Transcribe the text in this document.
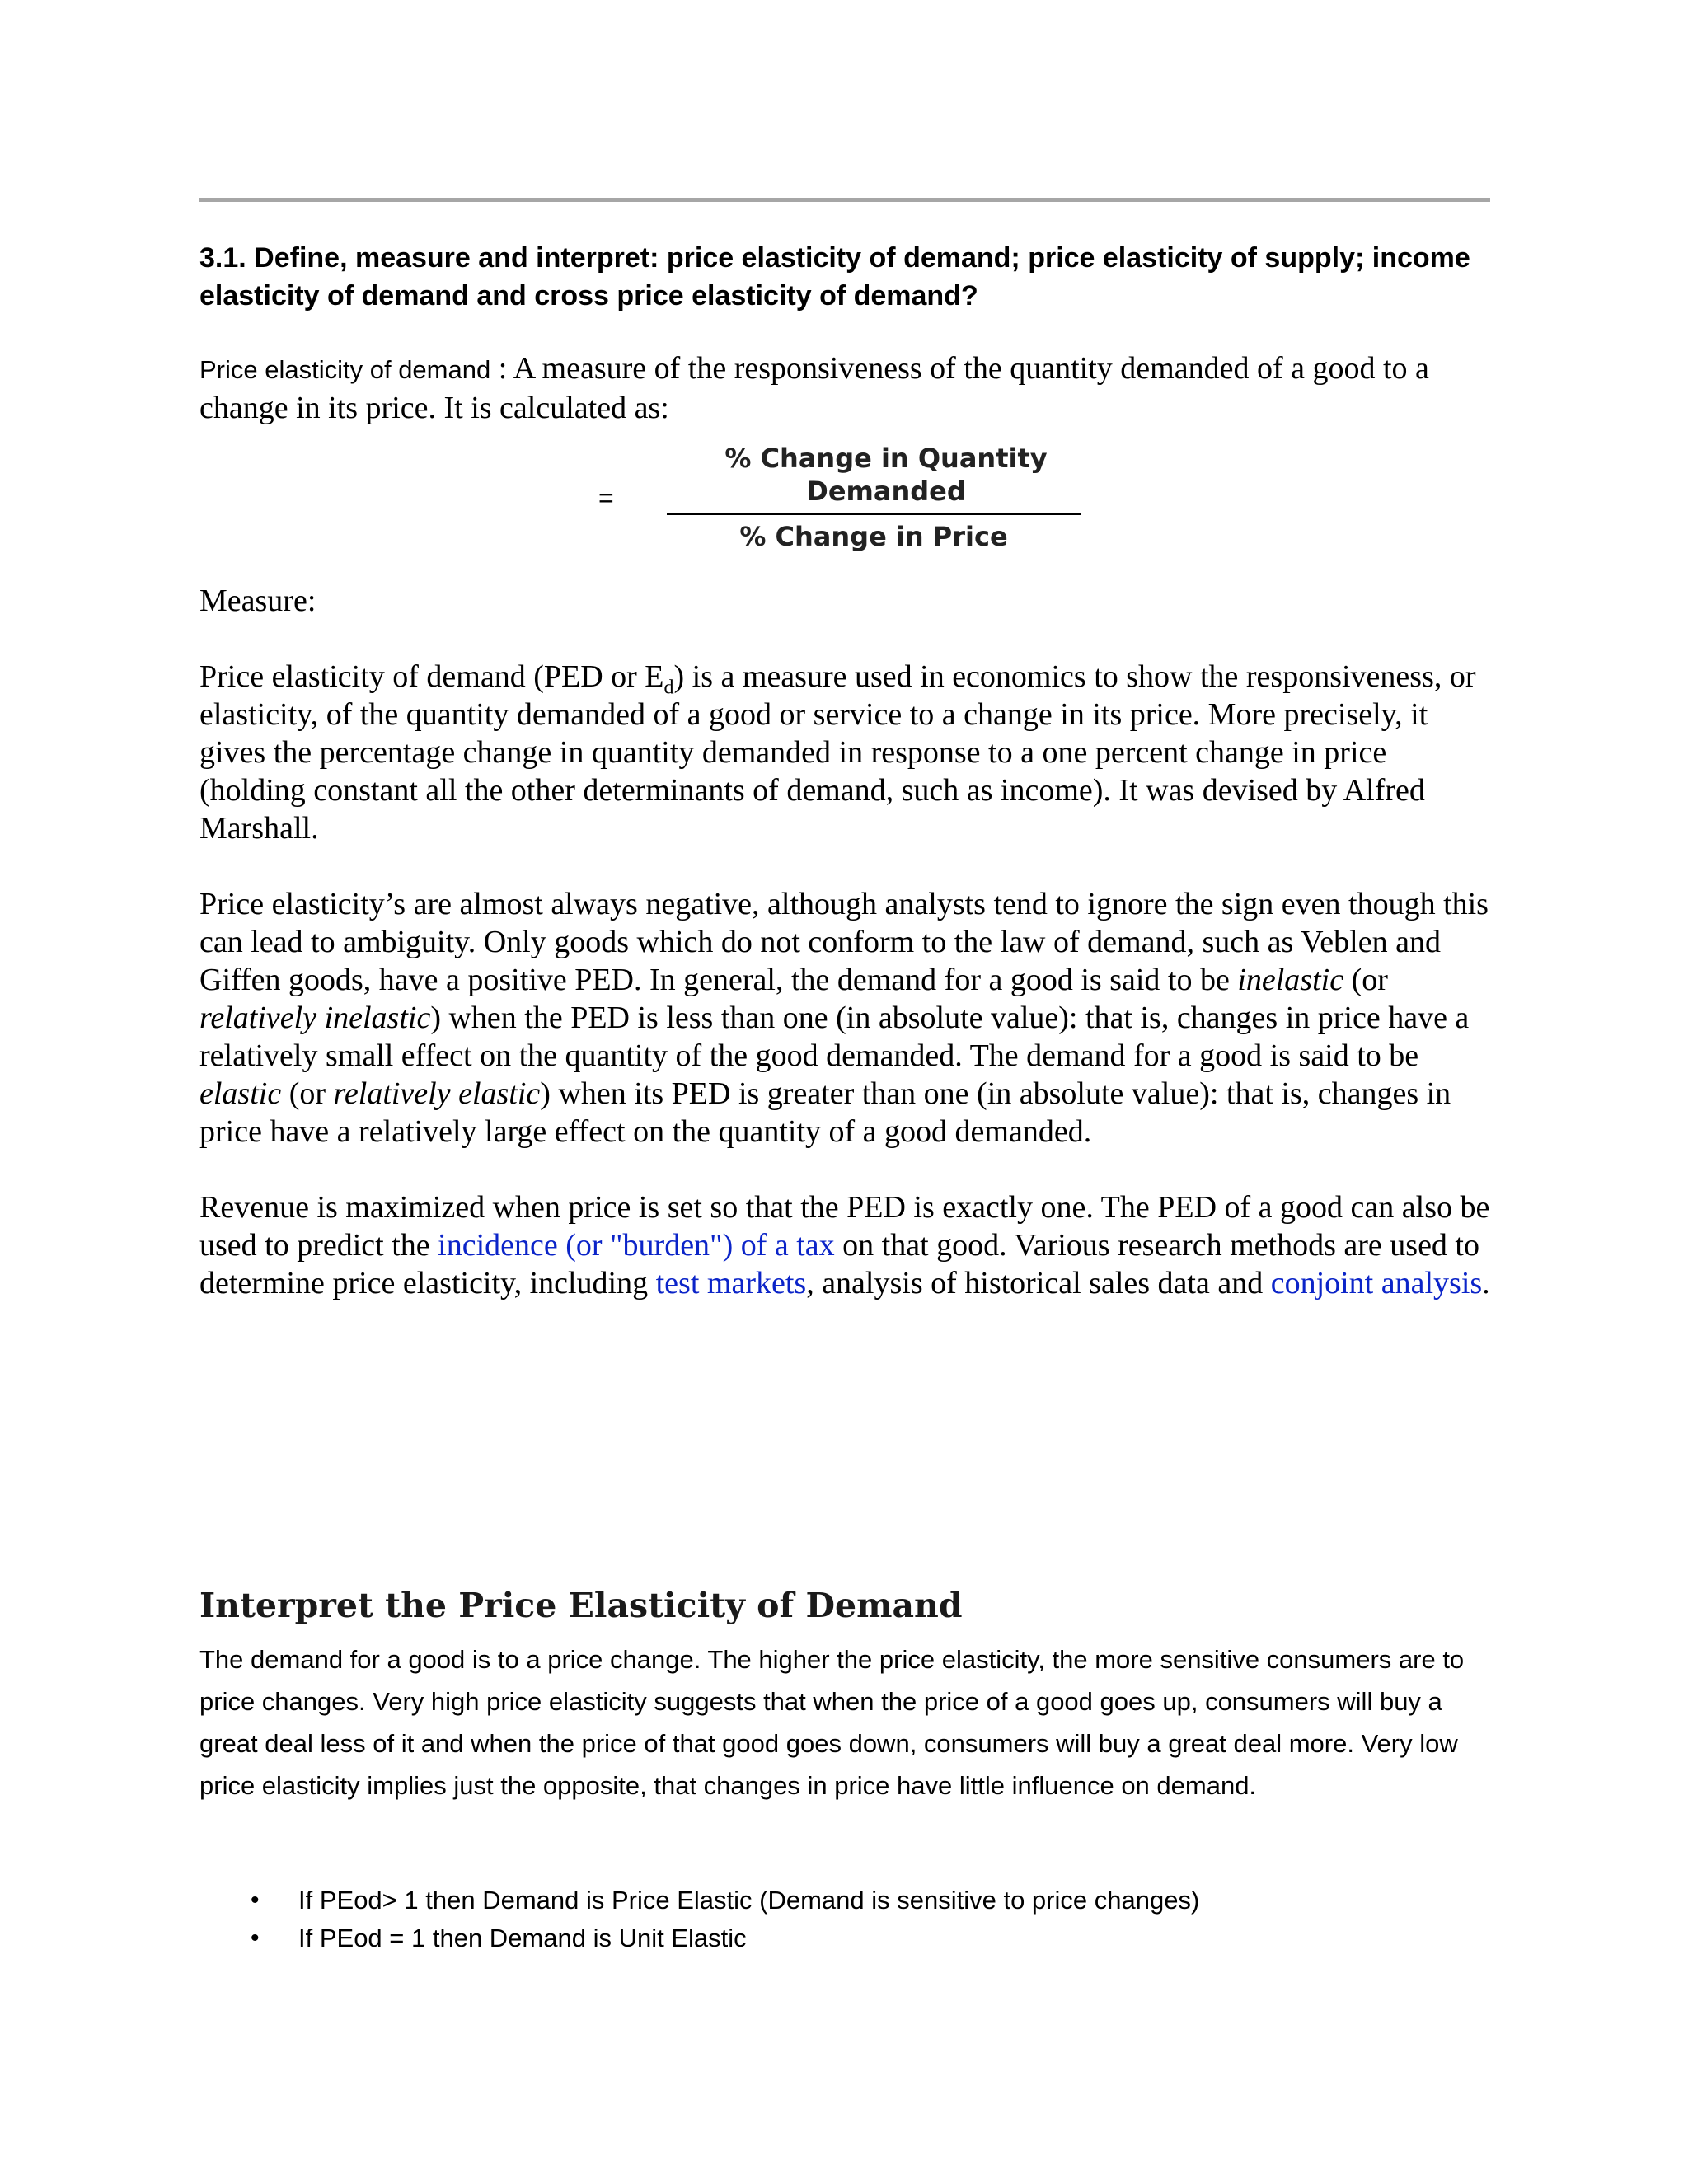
3.1. Define, measure and interpret: price elasticity of demand; price elasticity of supply; income elasticity of demand and cross price elasticity of demand?

Price elasticity of demand : A measure of the responsiveness of the quantity demanded of a good to a change in its price. It is calculated as:

=
% Change in Quantity Demanded
% Change in Price

Measure:

Price elasticity of demand (PED or $E_d$) is a measure used in economics to show the responsiveness, or elasticity, of the quantity demanded of a good or service to a change in its price. More precisely, it gives the percentage change in quantity demanded in response to a one percent change in price (holding constant all the other determinants of demand, such as income). It was devised by Alfred Marshall.

Price elasticity’s are almost always negative, although analysts tend to ignore the sign even though this can lead to ambiguity. Only goods which do not conform to the law of demand, such as Veblen and Giffen goods, have a positive PED. In general, the demand for a good is said to be inelastic (or relatively inelastic) when the PED is less than one (in absolute value): that is, changes in price have a relatively small effect on the quantity of the good demanded. The demand for a good is said to be elastic (or relatively elastic) when its PED is greater than one (in absolute value): that is, changes in price have a relatively large effect on the quantity of a good demanded.

Revenue is maximized when price is set so that the PED is exactly one. The PED of a good can also be used to predict the incidence (or "burden") of a tax on that good. Various research methods are used to determine price elasticity, including test markets, analysis of historical sales data and conjoint analysis.

Interpret the Price Elasticity of Demand

The demand for a good is to a price change. The higher the price elasticity, the more sensitive consumers are to price changes. Very high price elasticity suggests that when the price of a good goes up, consumers will buy a great deal less of it and when the price of that good goes down, consumers will buy a great deal more. Very low price elasticity implies just the opposite, that changes in price have little influence on demand.

• If PEod> 1 then Demand is Price Elastic (Demand is sensitive to price changes)
• If PEod = 1 then Demand is Unit Elastic
